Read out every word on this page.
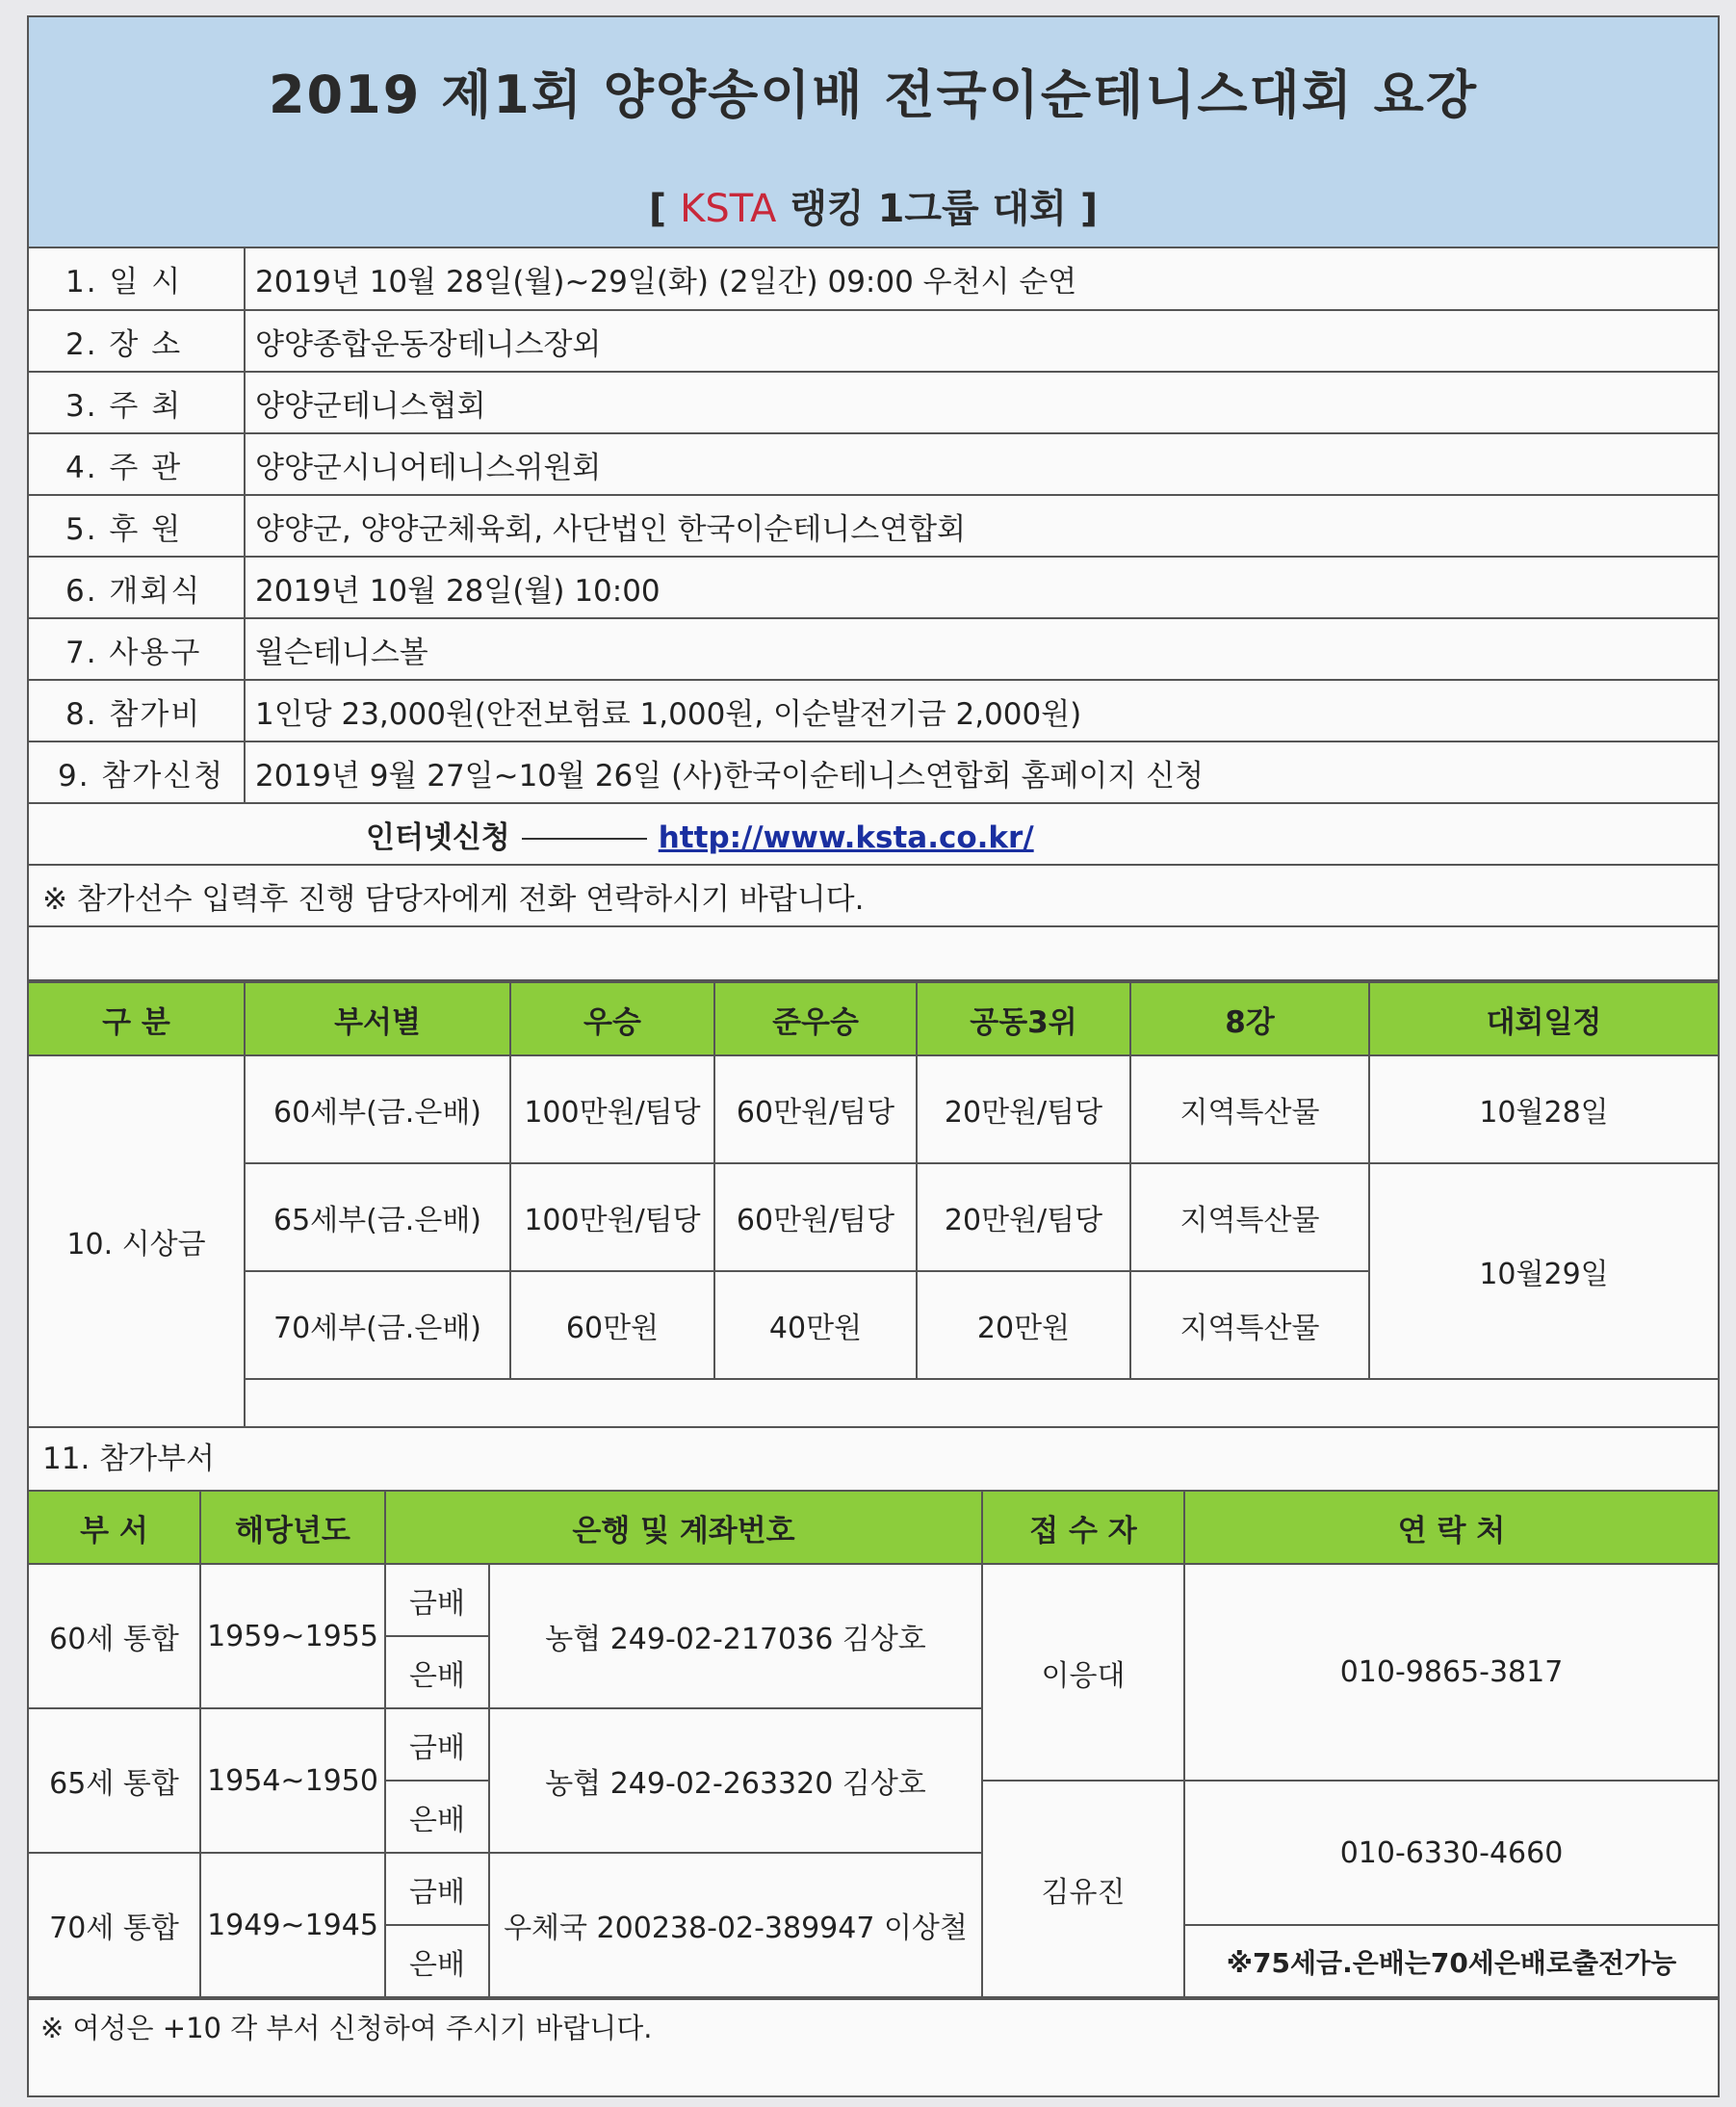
2019 제1회 양양송이배 전국이순테니스대회 요강
[ KSTA 랭킹 1그룹 대회 ]
1. 일 시	2019년 10월 28일(월)~29일(화) (2일간) 09:00 우천시 순연
2. 장 소	양양종합운동장테니스장외
3. 주 최	양양군테니스협회
4. 주 관	양양군시니어테니스위원회
5. 후 원	양양군, 양양군체육회, 사단법인 한국이순테니스연합회
6. 개회식	2019년 10월 28일(월) 10:00
7. 사용구	윌슨테니스볼
8. 참가비	1인당 23,000원(안전보험료 1,000원, 이순발전기금 2,000원)
9. 참가신청	2019년 9월 27일~10월 26일 (사)한국이순테니스연합회 홈페이지 신청
인터넷신청 http://www.ksta.co.kr/	
※ 참가선수 입력후 진행 담당자에게 전화 연락하시기 바랍니다.	

구 분	부서별	우승	준우승	공동3위	8강	대회일정
10. 시상금	60세부(금.은배)	100만원/팀당	60만원/팀당	20만원/팀당	지역특산물	10월28일
	65세부(금.은배)	100만원/팀당	60만원/팀당	20만원/팀당	지역특산물	10월29일
	70세부(금.은배)	60만원	40만원	20만원	지역특산물	

11. 참가부서
부 서	해당년도	은행 및 계좌번호		접 수 자	연 락 처
60세 통합	1959~1955	금배	농협 249-02-217036 김상호	이응대	010-9865-3817
		은배			
65세 통합	1954~1950	금배	농협 249-02-263320 김상호		
		은배		김유진	010-6330-4660
70세 통합	1949~1945	금배	우체국 200238-02-389947 이상철		
		은배			※75세금.은배는70세은배로출전가능
※ 여성은 +10 각 부서 신청하여 주시기 바랍니다.
